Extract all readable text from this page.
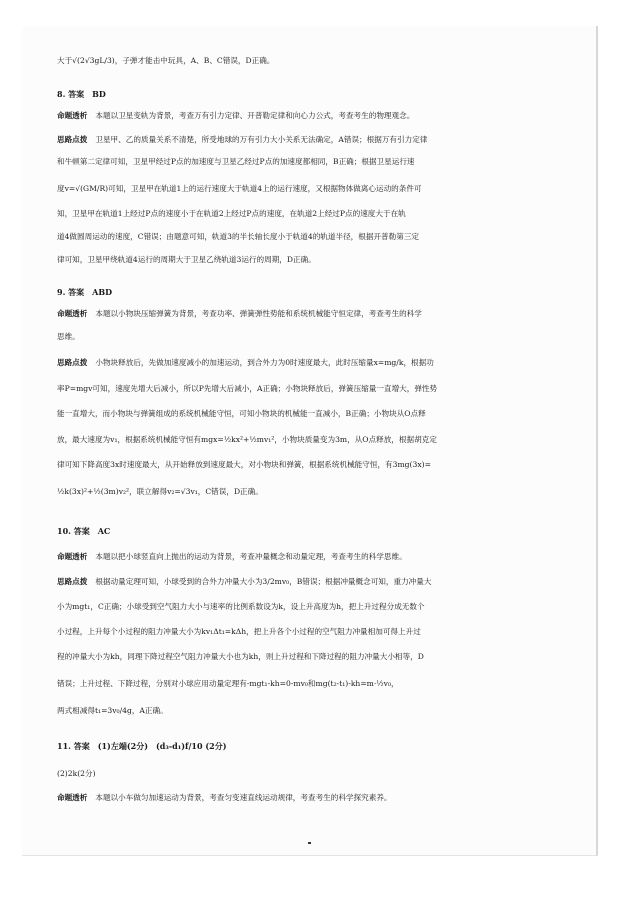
大于√(2√3gL/3)，子弹才能击中玩具，A、B、C错误，D正确。
8. 答案　BD
命题透析 本题以卫星变轨为背景，考查万有引力定律、开普勒定律和向心力公式，考查考生的物理观念。
思路点拨 卫星甲、乙的质量关系不清楚，所受地球的万有引力大小关系无法确定，A错误；根据万有引力定律
和牛顿第二定律可知，卫星甲经过P点的加速度与卫星乙经过P点的加速度都相同，B正确；根据卫星运行速
度v=√(GM/R)可知，卫星甲在轨道1上的运行速度大于轨道4上的运行速度，又根据物体做离心运动的条件可
知，卫星甲在轨道1上经过P点的速度小于在轨道2上经过P点的速度，在轨道2上经过P点的速度大于在轨
道4做圆周运动的速度，C错误；由题意可知，轨道3的半长轴长度小于轨道4的轨道半径，根据开普勒第三定
律可知，卫星甲绕轨道4运行的周期大于卫星乙绕轨道3运行的周期，D正确。
9. 答案　ABD
命题透析 本题以小物块压缩弹簧为背景，考查功率、弹簧弹性势能和系统机械能守恒定律，考查考生的科学
思维。
思路点拨 小物块释放后，先做加速度减小的加速运动，到合外力为0时速度最大，此时压缩量x=mg/k，根据功
率P=mgv可知，速度先增大后减小，所以P先增大后减小，A正确；小物块释放后，弹簧压缩量一直增大，弹性势
能一直增大，而小物块与弹簧组成的系统机械能守恒，可知小物块的机械能一直减小，B正确；小物块从O点释
放，最大速度为v₁，根据系统机械能守恒有mgx=½kx²+½mv₁²，小物块质量变为3m，从O点释放，根据胡克定
律可知下降高度3x时速度最大，从开始释放到速度最大，对小物块和弹簧，根据系统机械能守恒，有3mg(3x)=
½k(3x)²+½(3m)v₂²，联立解得v₂=√3v₁，C错误，D正确。
10. 答案　AC
命题透析 本题以把小球竖直向上抛出的运动为背景，考查冲量概念和动量定理，考查考生的科学思维。
思路点拨 根据动量定理可知，小球受到的合外力冲量大小为3/2mv₀，B错误；根据冲量概念可知，重力冲量大
小为mgt₁，C正确；小球受到空气阻力大小与速率的比例系数设为k，设上升高度为h，把上升过程分成无数个
小过程，上升每个小过程的阻力冲量大小为kv₁Δt₁=kΔh，把上升各个小过程的空气阻力冲量相加可得上升过
程的冲量大小为kh，同理下降过程空气阻力冲量大小也为kh，则上升过程和下降过程的阻力冲量大小相等，D
错误；上升过程、下降过程，分别对小球应用动量定理有-mgt₁-kh=0-mv₀和mg(t₂-t₁)-kh=m·½v₀，
两式相减得t₁=3v₀/4g，A正确。
11. 答案　(1)左端(2分)　(d₃-d₁)f/10 (2分)
(2)2k(2分)
命题透析 本题以小车做匀加速运动为背景，考查匀变速直线运动规律，考查考生的科学探究素养。
